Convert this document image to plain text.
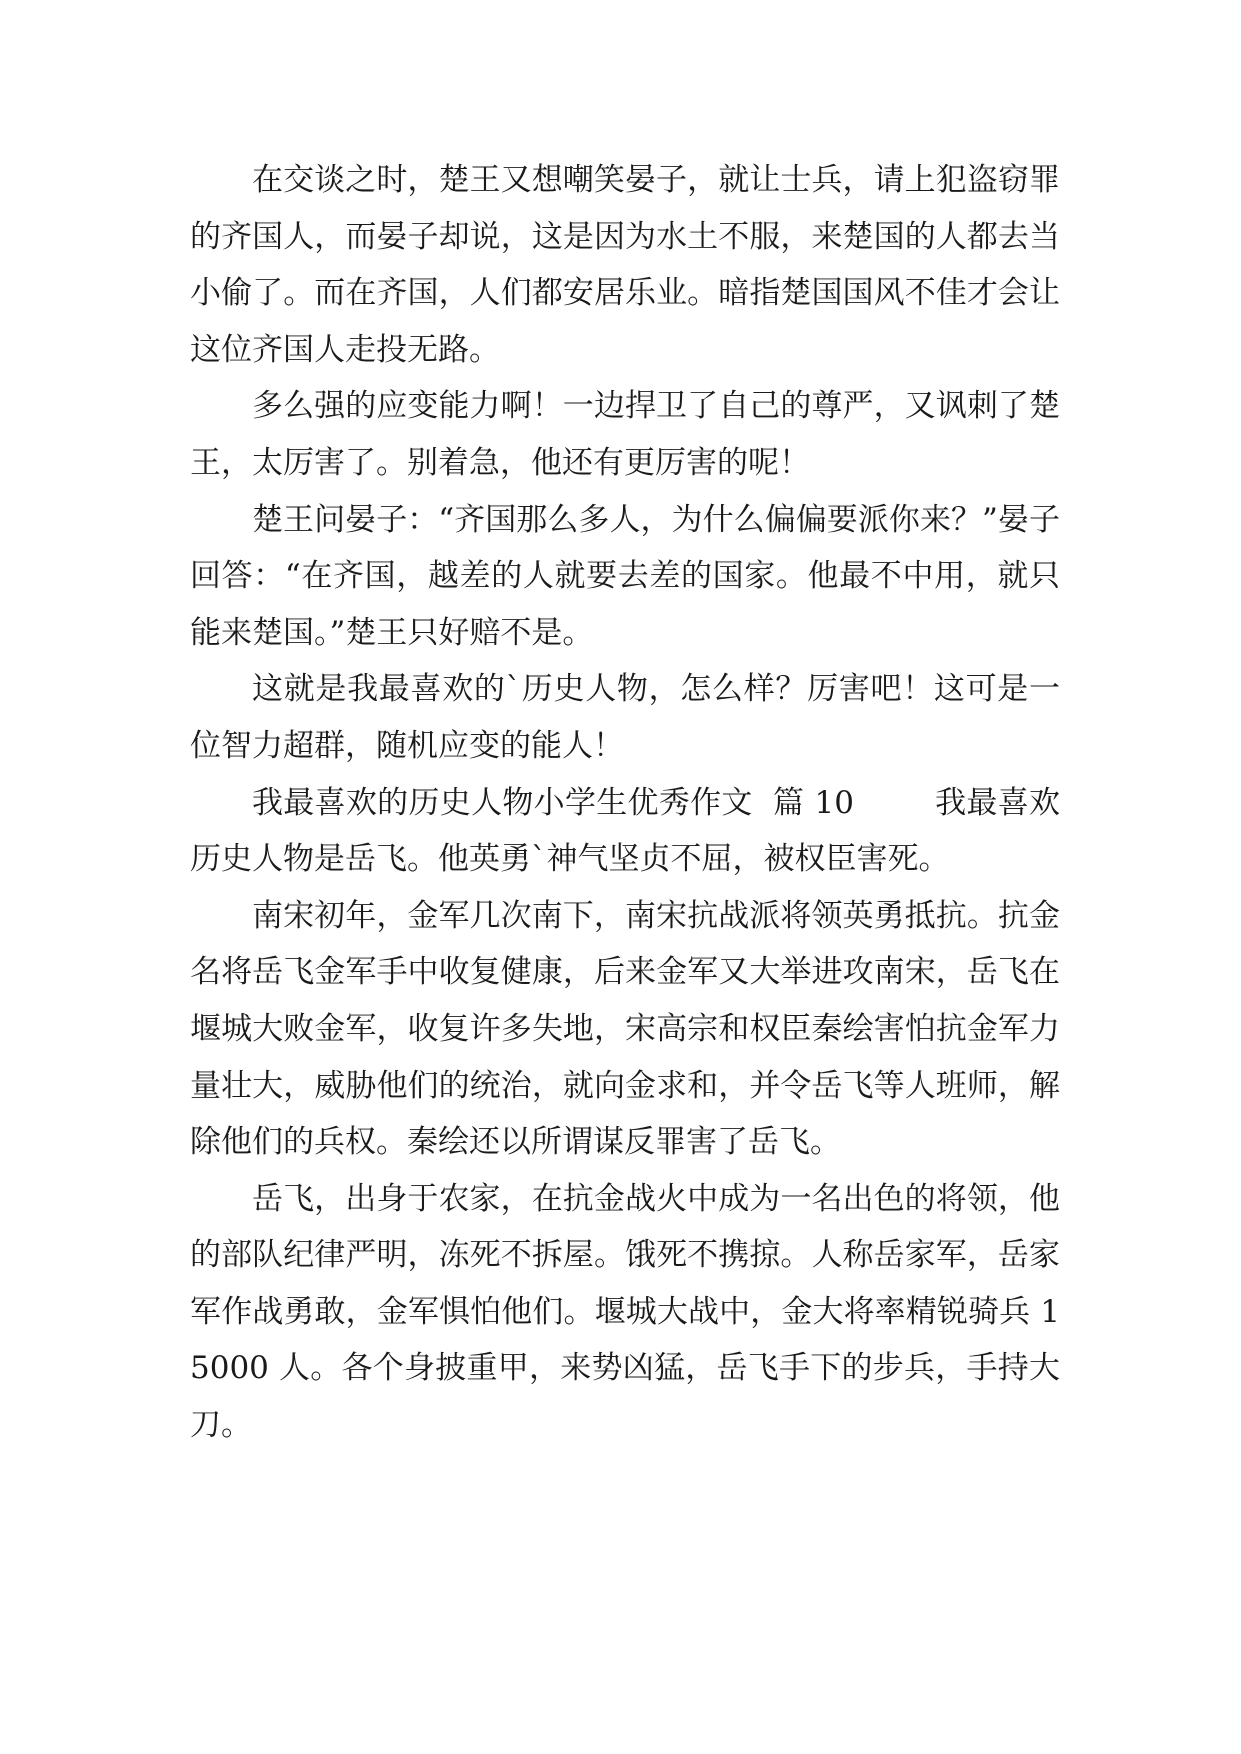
在交谈之时，楚王又想嘲笑晏子，就让士兵，请上犯盗窃罪的齐国人，而晏子却说，这是因为水土不服，来楚国的人都去当小偷了。而在齐国，人们都安居乐业。暗指楚国国风不佳才会让这位齐国人走投无路。

多么强的应变能力啊！一边捍卫了自己的尊严，又讽刺了楚王，太厉害了。别着急，他还有更厉害的呢！

楚王问晏子：“齐国那么多人，为什么偏偏要派你来？”晏子回答：“在齐国，越差的人就要去差的国家。他最不中用，就只能来楚国。”楚王只好赔不是。

这就是我最喜欢的`历史人物，怎么样？厉害吧！这可是一位智力超群，随机应变的能人！

我最喜欢的历史人物小学生优秀作文  篇 10        我最喜欢历史人物是岳飞。他英勇`神气坚贞不屈，被权臣害死。

南宋初年，金军几次南下，南宋抗战派将领英勇抵抗。抗金名将岳飞金军手中收复健康，后来金军又大举进攻南宋，岳飞在堰城大败金军，收复许多失地，宋高宗和权臣秦绘害怕抗金军力量壮大，威胁他们的统治，就向金求和，并令岳飞等人班师，解除他们的兵权。秦绘还以所谓谋反罪害了岳飞。

岳飞，出身于农家，在抗金战火中成为一名出色的将领，他的部队纪律严明，冻死不拆屋。饿死不携掠。人称岳家军，岳家军作战勇敢，金军惧怕他们。堰城大战中，金大将率精锐骑兵 15000 人。各个身披重甲，来势凶猛，岳飞手下的步兵，手持大刀。
